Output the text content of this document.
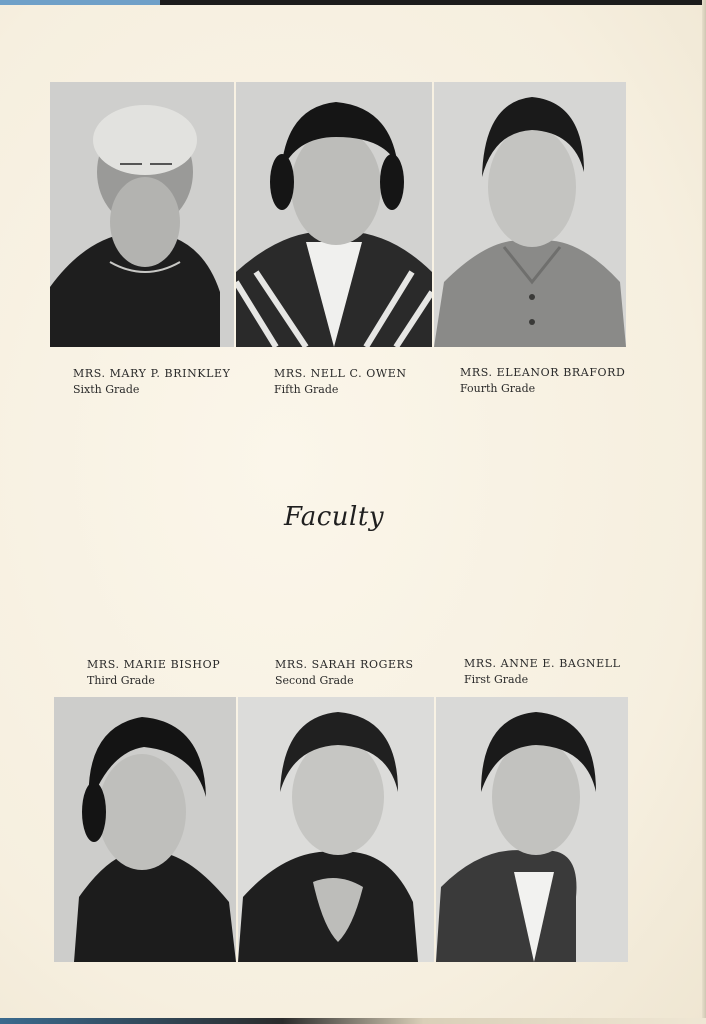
MRS. MARY P. BRINKLEY
Sixth Grade
MRS. NELL C. OWEN
Fifth Grade
MRS. ELEANOR BRAFORD
Fourth Grade
Faculty
MRS. MARIE BISHOP
Third Grade
MRS. SARAH ROGERS
Second Grade
MRS. ANNE E. BAGNELL
First Grade
